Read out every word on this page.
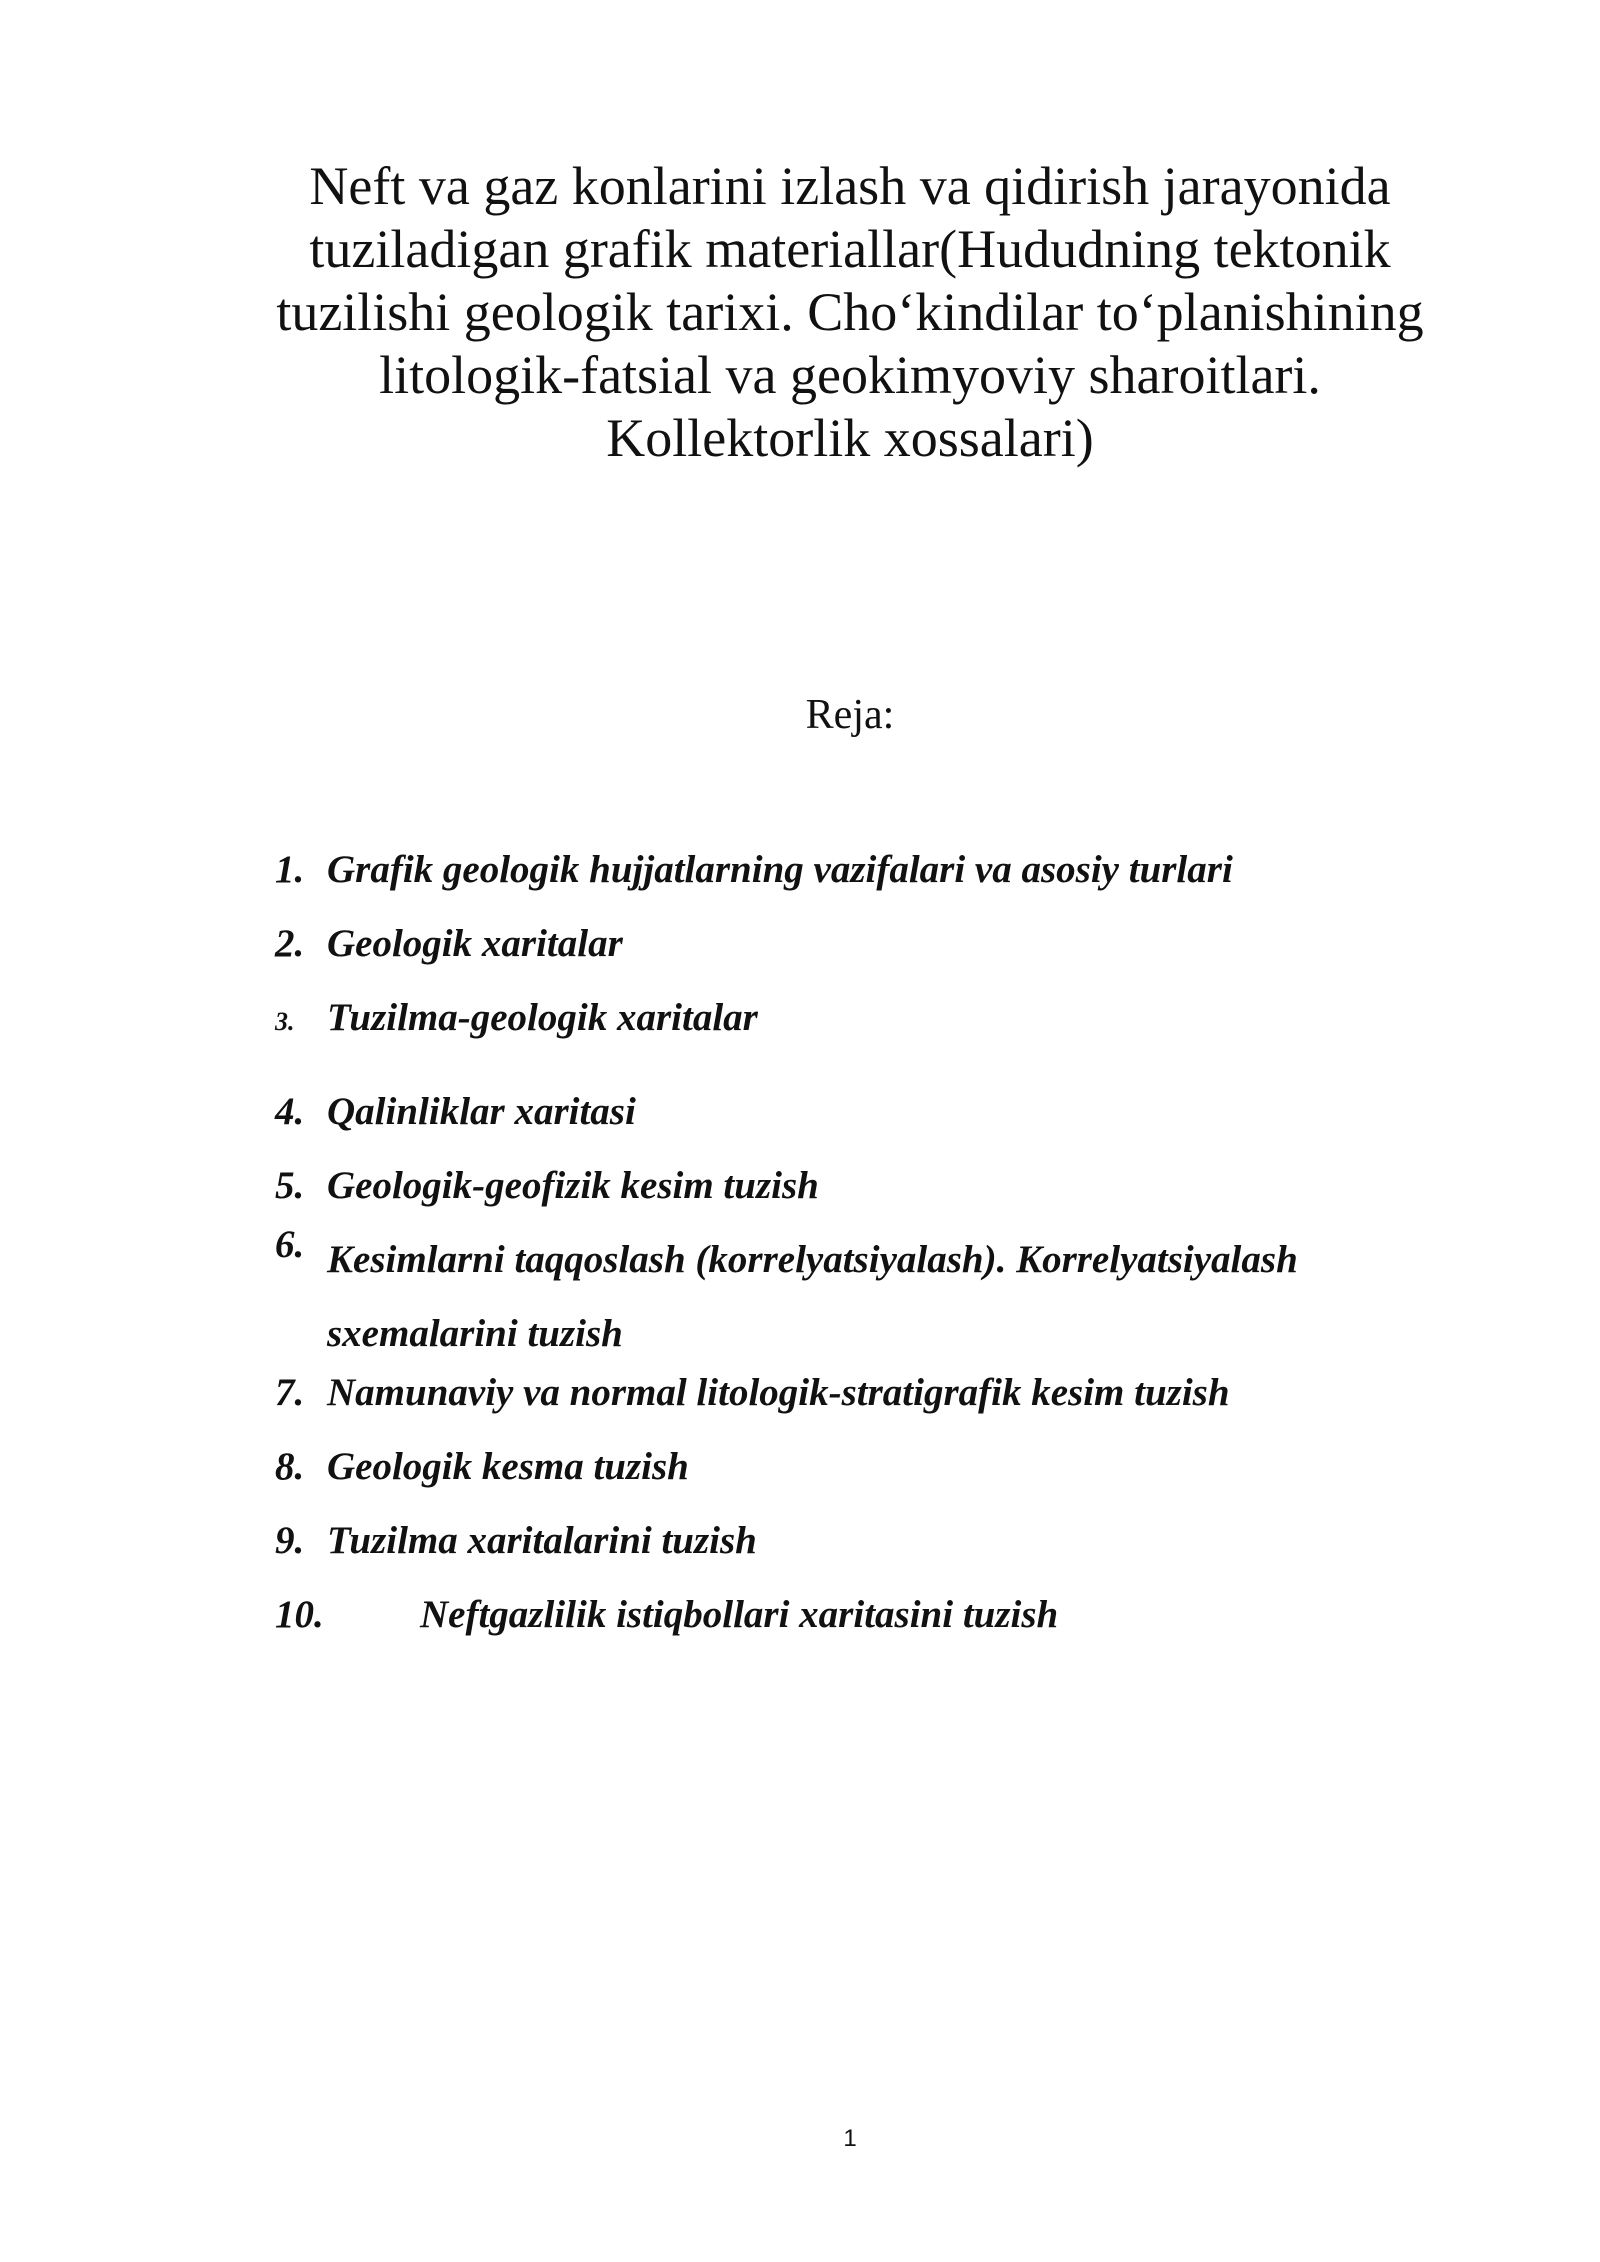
Neft va gaz konlarini izlash va qidirish jarayonida
tuziladigan grafik materiallar(Hududning tektonik
tuzilishi geologik tarixi. Cho‘kindilar to‘planishining
litologik-fatsial va geokimyoviy sharoitlari.
Kollektorlik xossalari)
Reja:
1. Grafik geologik hujjatlarning vazifalari va asosiy turlari
2. Geologik xaritalar
3. Tuzilma-geologik xaritalar
4. Qalinliklar xaritasi
5. Geologik-geofizik kesim tuzish
6. Kesimlarni taqqoslash (korrelyatsiyalash). Korrelyatsiyalash sxemalarini tuzish
7. Namunaviy va normal litologik-stratigrafik kesim tuzish
8. Geologik kesma tuzish
9. Tuzilma xaritalarini tuzish
10. Neftgazlilik istiqbollari xaritasini tuzish
1
